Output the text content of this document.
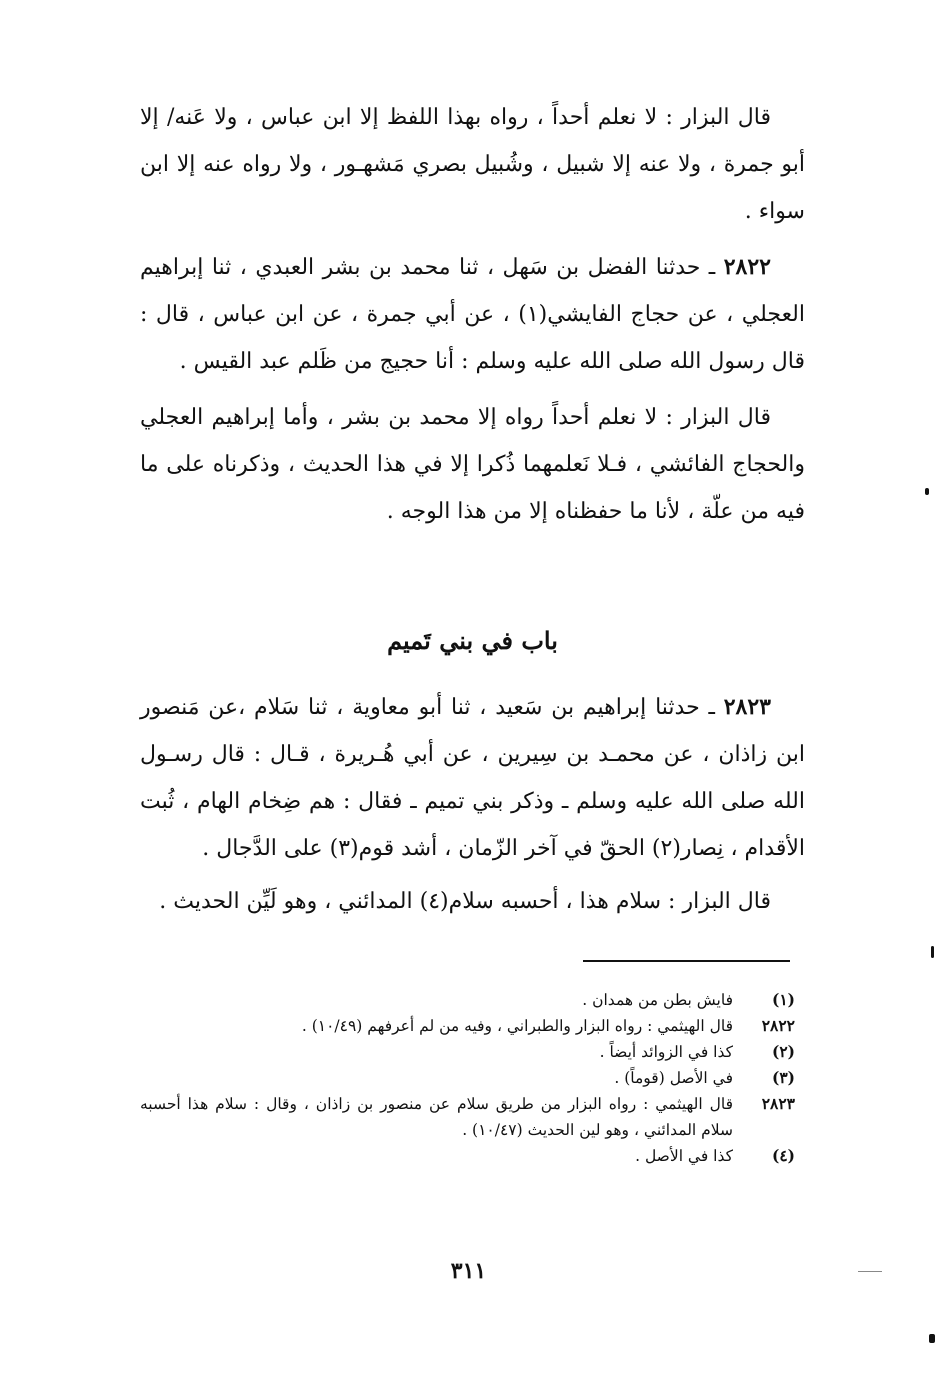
قال البزار : لا نعلم أحداً ، رواه بهذا اللفظ إلا ابن عباس ، ولا عَنه/ إلا أبو جمرة ، ولا عنه إلا شبيل ، وشُبيل بصري مَشهـور ، ولا رواه عنه إلا ابن سواء .

٢٨٢٢ ـ حدثنا الفضل بن سَهل ، ثنا محمد بن بشر العبدي ، ثنا إبراهيم العجلي ، عن حجاج الفايشي(١) ، عن أبي جمرة ، عن ابن عباس ، قال : قال رسول الله صلى الله عليه وسلم : أنا حجيج من ظَلم عبد القيس .

قال البزار : لا نعلم أحداً رواه إلا محمد بن بشر ، وأما إبراهيم العجلي والحجاج الفائشي ، فـلا نَعلمهما ذُكرا إلا في هذا الحديث ، وذكرناه على ما فيه من علّة ، لأنا ما حفظناه إلا من هذا الوجه .

باب في بني تَميم

٢٨٢٣ ـ حدثنا إبراهيم بن سَعيد ، ثنا أبو معاوية ، ثنا سَلام ،عن مَنصور ابن زاذان ، عن محمـد بن سِيرين ، عن أبي هُـريرة ، قـال : قال رسـول الله صلى الله عليه وسلم ـ وذكر بني تميم ـ فقال : هم ضِخام الهام ، ثُبت الأقدام ، نِصار(٢) الحقّ في آخر الزّمان ، أشد قوم(٣) على الدَّجال .

قال البزار : سلام هذا ، أحسبه سلام(٤) المدائني ، وهو لَيِّن الحديث .

(١)
فايش بطن من همدان .
٢٨٢٢
قال الهيثمي : رواه البزار والطبراني ، وفيه من لم أعرفهم (١٠/٤٩) .
(٢)
كذا في الزوائد أيضاً .
(٣)
في الأصل (قوماً) .
٢٨٢٣
قال الهيثمي : رواه البزار من طريق سلام عن منصور بن زاذان ، وقال : سلام هذا أحسبه سلام المدائني ، وهو لين الحديث (١٠/٤٧) .
(٤)
كذا في الأصل .
٣١١
